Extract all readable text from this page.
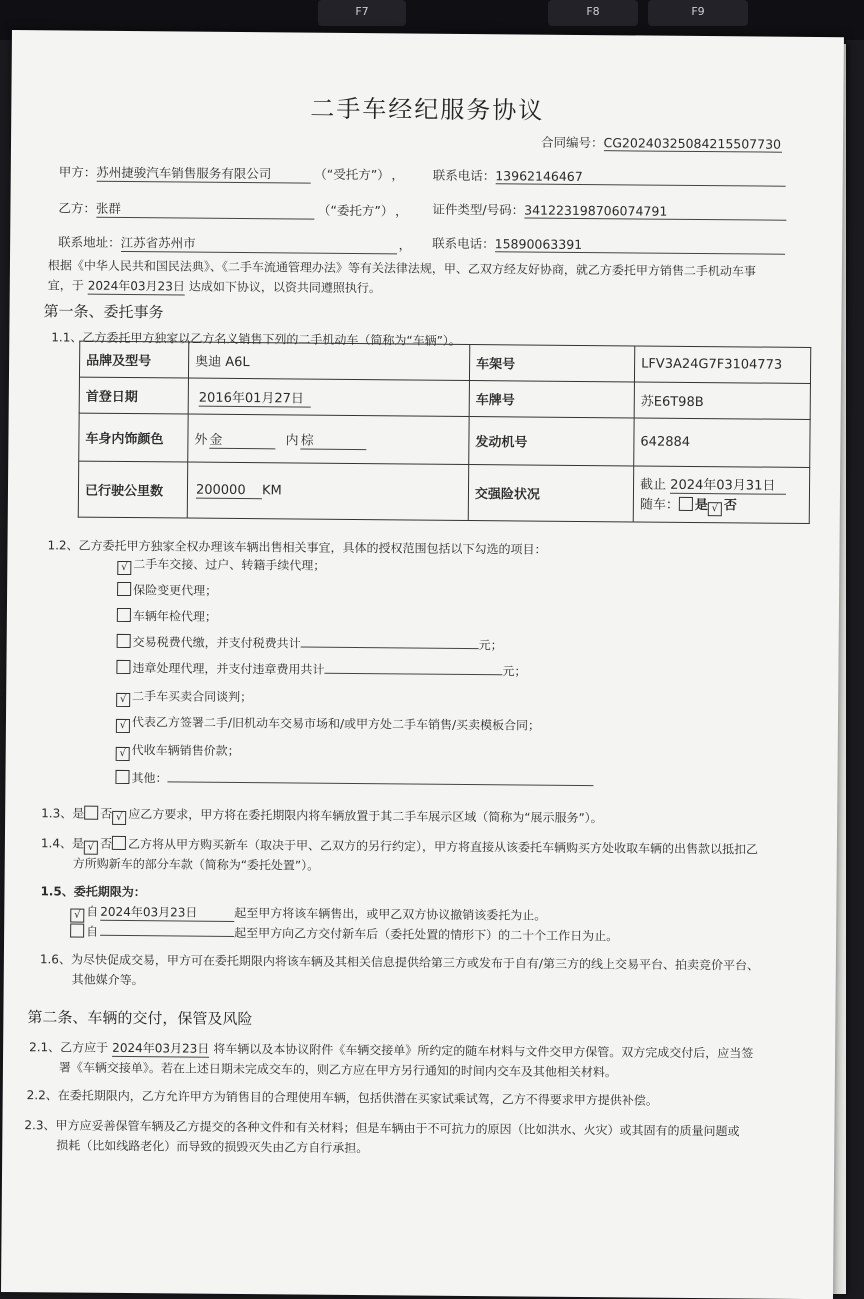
F7	F8	F9
二手车经纪服务协议
合同编号：CG20240325084215507730
甲方：苏州捷骏汽车销售服务有限公司	（“受托方”） ， 联系电话：13962146467
乙方：张群	（“委托方”） ， 证件类型/号码：341223198706074791
联系地址：江苏省苏州市	， 联系电话：15890063391
根据《中华人民共和国民法典》、《二手车流通管理办法》等有关法律法规，甲、乙双方经友好协商，就乙方委托甲方销售二手机动车事
宜，于 2024年03月23日 达成如下协议，以资共同遵照执行。
第一条、委托事务
1.1、乙方委托甲方独家以乙方名义销售下列的二手机动车（简称为“车辆”）。
品牌及型号	奥迪 A6L	车架号	LFV3A24G7F3104773
首登日期	2016年01月27日	车牌号	苏E6T98B
车身内饰颜色	外 金 内 棕	发动机号	642884
已行驶公里数	200000 KM	交强险状况	截止 2024年03月31日
随车： 是 √ 否
1.2、乙方委托甲方独家全权办理该车辆出售相关事宜，具体的授权范围包括以下勾选的项目：
√ 二手车交接、过户、转籍手续代理；
保险变更代理；
车辆年检代理；
交易税费代缴，并支付税费共计	元；
违章处理代理，并支付违章费用共计	元；
√ 二手车买卖合同谈判；
√ 代表乙方签署二手/旧机动车交易市场和/或甲方处二手车销售/买卖模板合同；
√ 代收车辆销售价款；
其他：
1.3、是 否 √ 应乙方要求，甲方将在委托期限内将车辆放置于其二手车展示区域（简称为“展示服务”）。
1.4、是 √ 否 乙方将从甲方购买新车（取决于甲、乙双方的另行约定），甲方将直接从该委托车辆购买方处收取车辆的出售款以抵扣乙
方所购新车的部分车款（简称为“委托处置”）。
1.5、委托期限为：
√ 自 2024年03月23日	起至甲方将该车辆售出，或甲乙双方协议撤销该委托为止。
自	起至甲方向乙方交付新车后（委托处置的情形下）的二十个工作日为止。
1.6、为尽快促成交易，甲方可在委托期限内将该车辆及其相关信息提供给第三方或发布于自有/第三方的线上交易平台、拍卖竞价平台、
其他媒介等。
第二条、车辆的交付，保管及风险
2.1、乙方应于 2024年03月23日 将车辆以及本协议附件《车辆交接单》所约定的随车材料与文件交甲方保管。双方完成交付后，应当签
署《车辆交接单》。若在上述日期未完成交车的，则乙方应在甲方另行通知的时间内交车及其他相关材料。
2.2、在委托期限内，乙方允许甲方为销售目的合理使用车辆，包括供潜在买家试乘试驾，乙方不得要求甲方提供补偿。
2.3、甲方应妥善保管车辆及乙方提交的各种文件和有关材料；但是车辆由于不可抗力的原因（比如洪水、火灾）或其固有的质量问题或
损耗（比如线路老化）而导致的损毁灭失由乙方自行承担。
